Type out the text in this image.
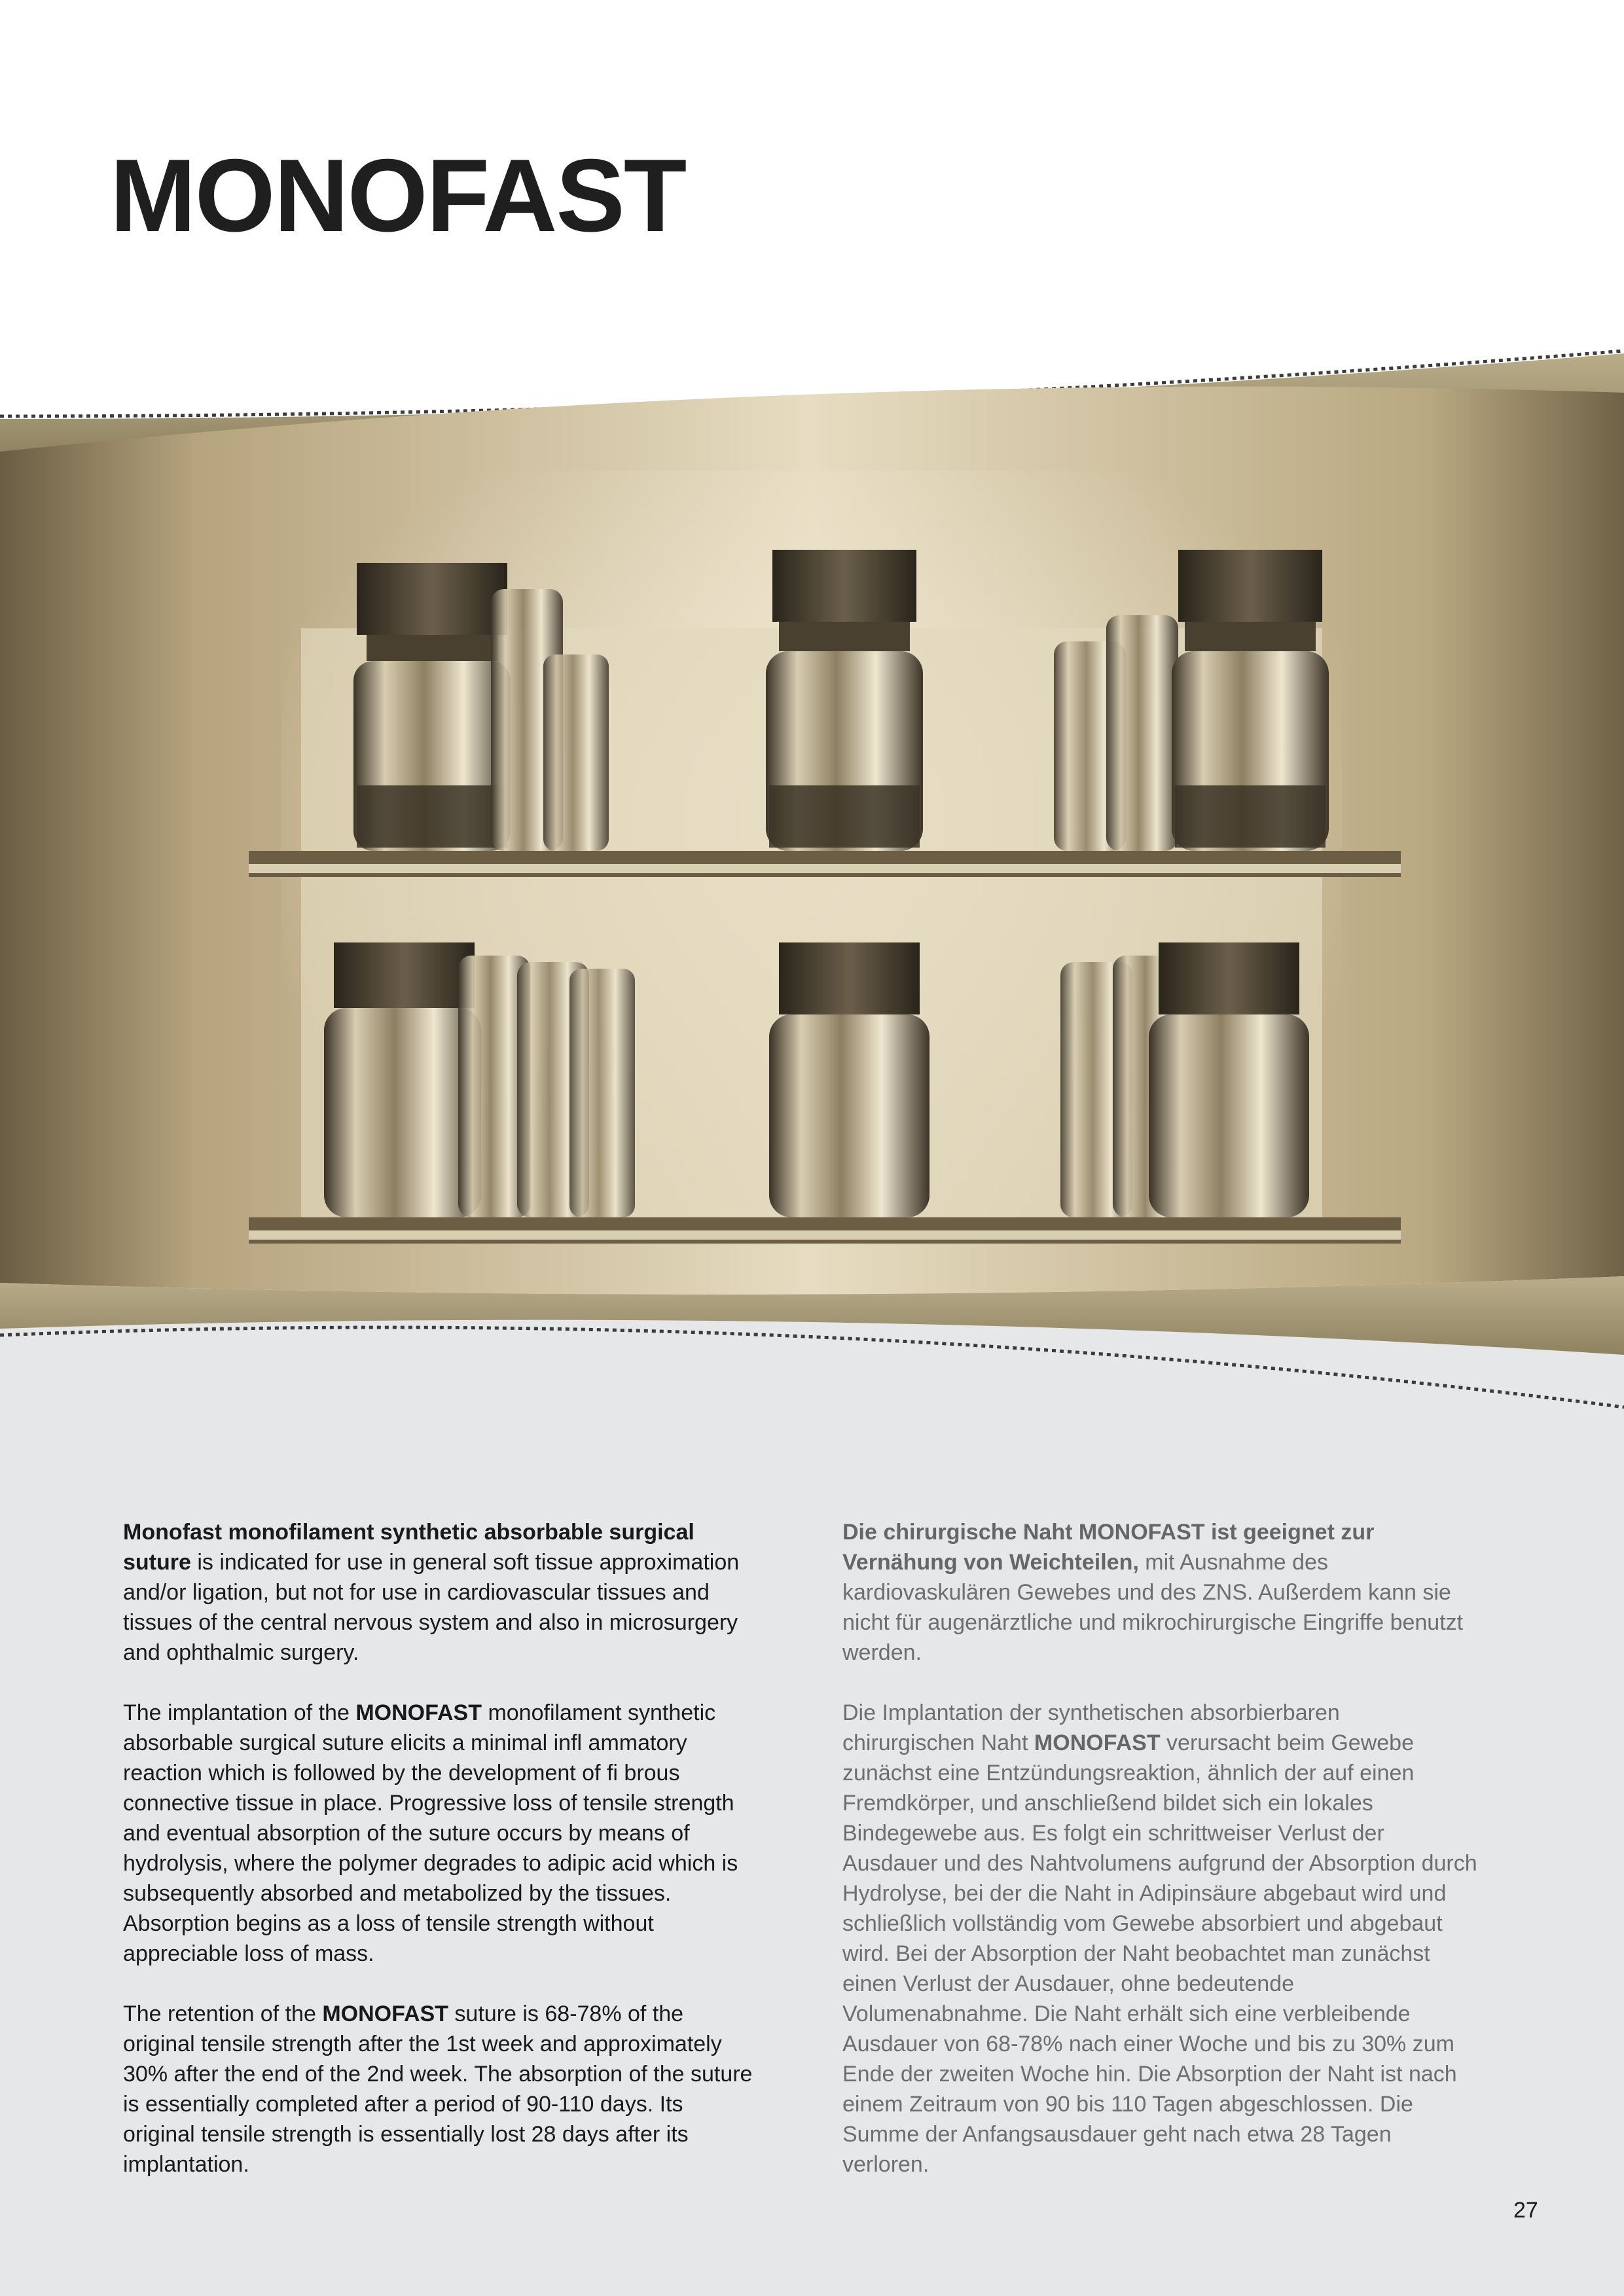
MONOFAST

Monofast monofilament synthetic absorbable surgical suture is indicated for use in general soft tissue approximation and/or ligation, but not for use in cardiovascular tissues and tissues of the central nervous system and also in microsurgery and ophthalmic surgery.

The implantation of the MONOFAST monofilament synthetic absorbable surgical suture elicits a minimal infl ammatory reaction which is followed by the development of fi brous connective tissue in place. Progressive loss of tensile strength and eventual absorption of the suture occurs by means of hydrolysis, where the polymer degrades to adipic acid which is subsequently absorbed and metabolized by the tissues. Absorption begins as a loss of tensile strength without appreciable loss of mass.

The retention of the MONOFAST suture is 68-78% of the original tensile strength after the 1st week and approximately 30% after the end of the 2nd week. The absorption of the suture is essentially completed after a period of 90-110 days. Its original tensile strength is essentially lost 28 days after its implantation.

Die chirurgische Naht MONOFAST ist geeignet zur Vernähung von Weichteilen, mit Ausnahme des kardiovaskulären Gewebes und des ZNS. Außerdem kann sie nicht für augenärztliche und mikrochirurgische Eingriffe benutzt werden.

Die Implantation der synthetischen absorbierbaren chirurgischen Naht MONOFAST verursacht beim Gewebe zunächst eine Entzündungsreaktion, ähnlich der auf einen Fremdkörper, und anschließend bildet sich ein lokales Bindegewebe aus. Es folgt ein schrittweiser Verlust der Ausdauer und des Nahtvolumens aufgrund der Absorption durch Hydrolyse, bei der die Naht in Adipinsäure abgebaut wird und schließlich vollständig vom Gewebe absorbiert und abgebaut wird. Bei der Absorption der Naht beobachtet man zunächst einen Verlust der Ausdauer, ohne bedeutende Volumenabnahme. Die Naht erhält sich eine verbleibende Ausdauer von 68-78% nach einer Woche und bis zu 30% zum Ende der zweiten Woche hin. Die Absorption der Naht ist nach einem Zeitraum von 90 bis 110 Tagen abgeschlossen. Die Summe der Anfangsausdauer geht nach etwa 28 Tagen verloren.

27
